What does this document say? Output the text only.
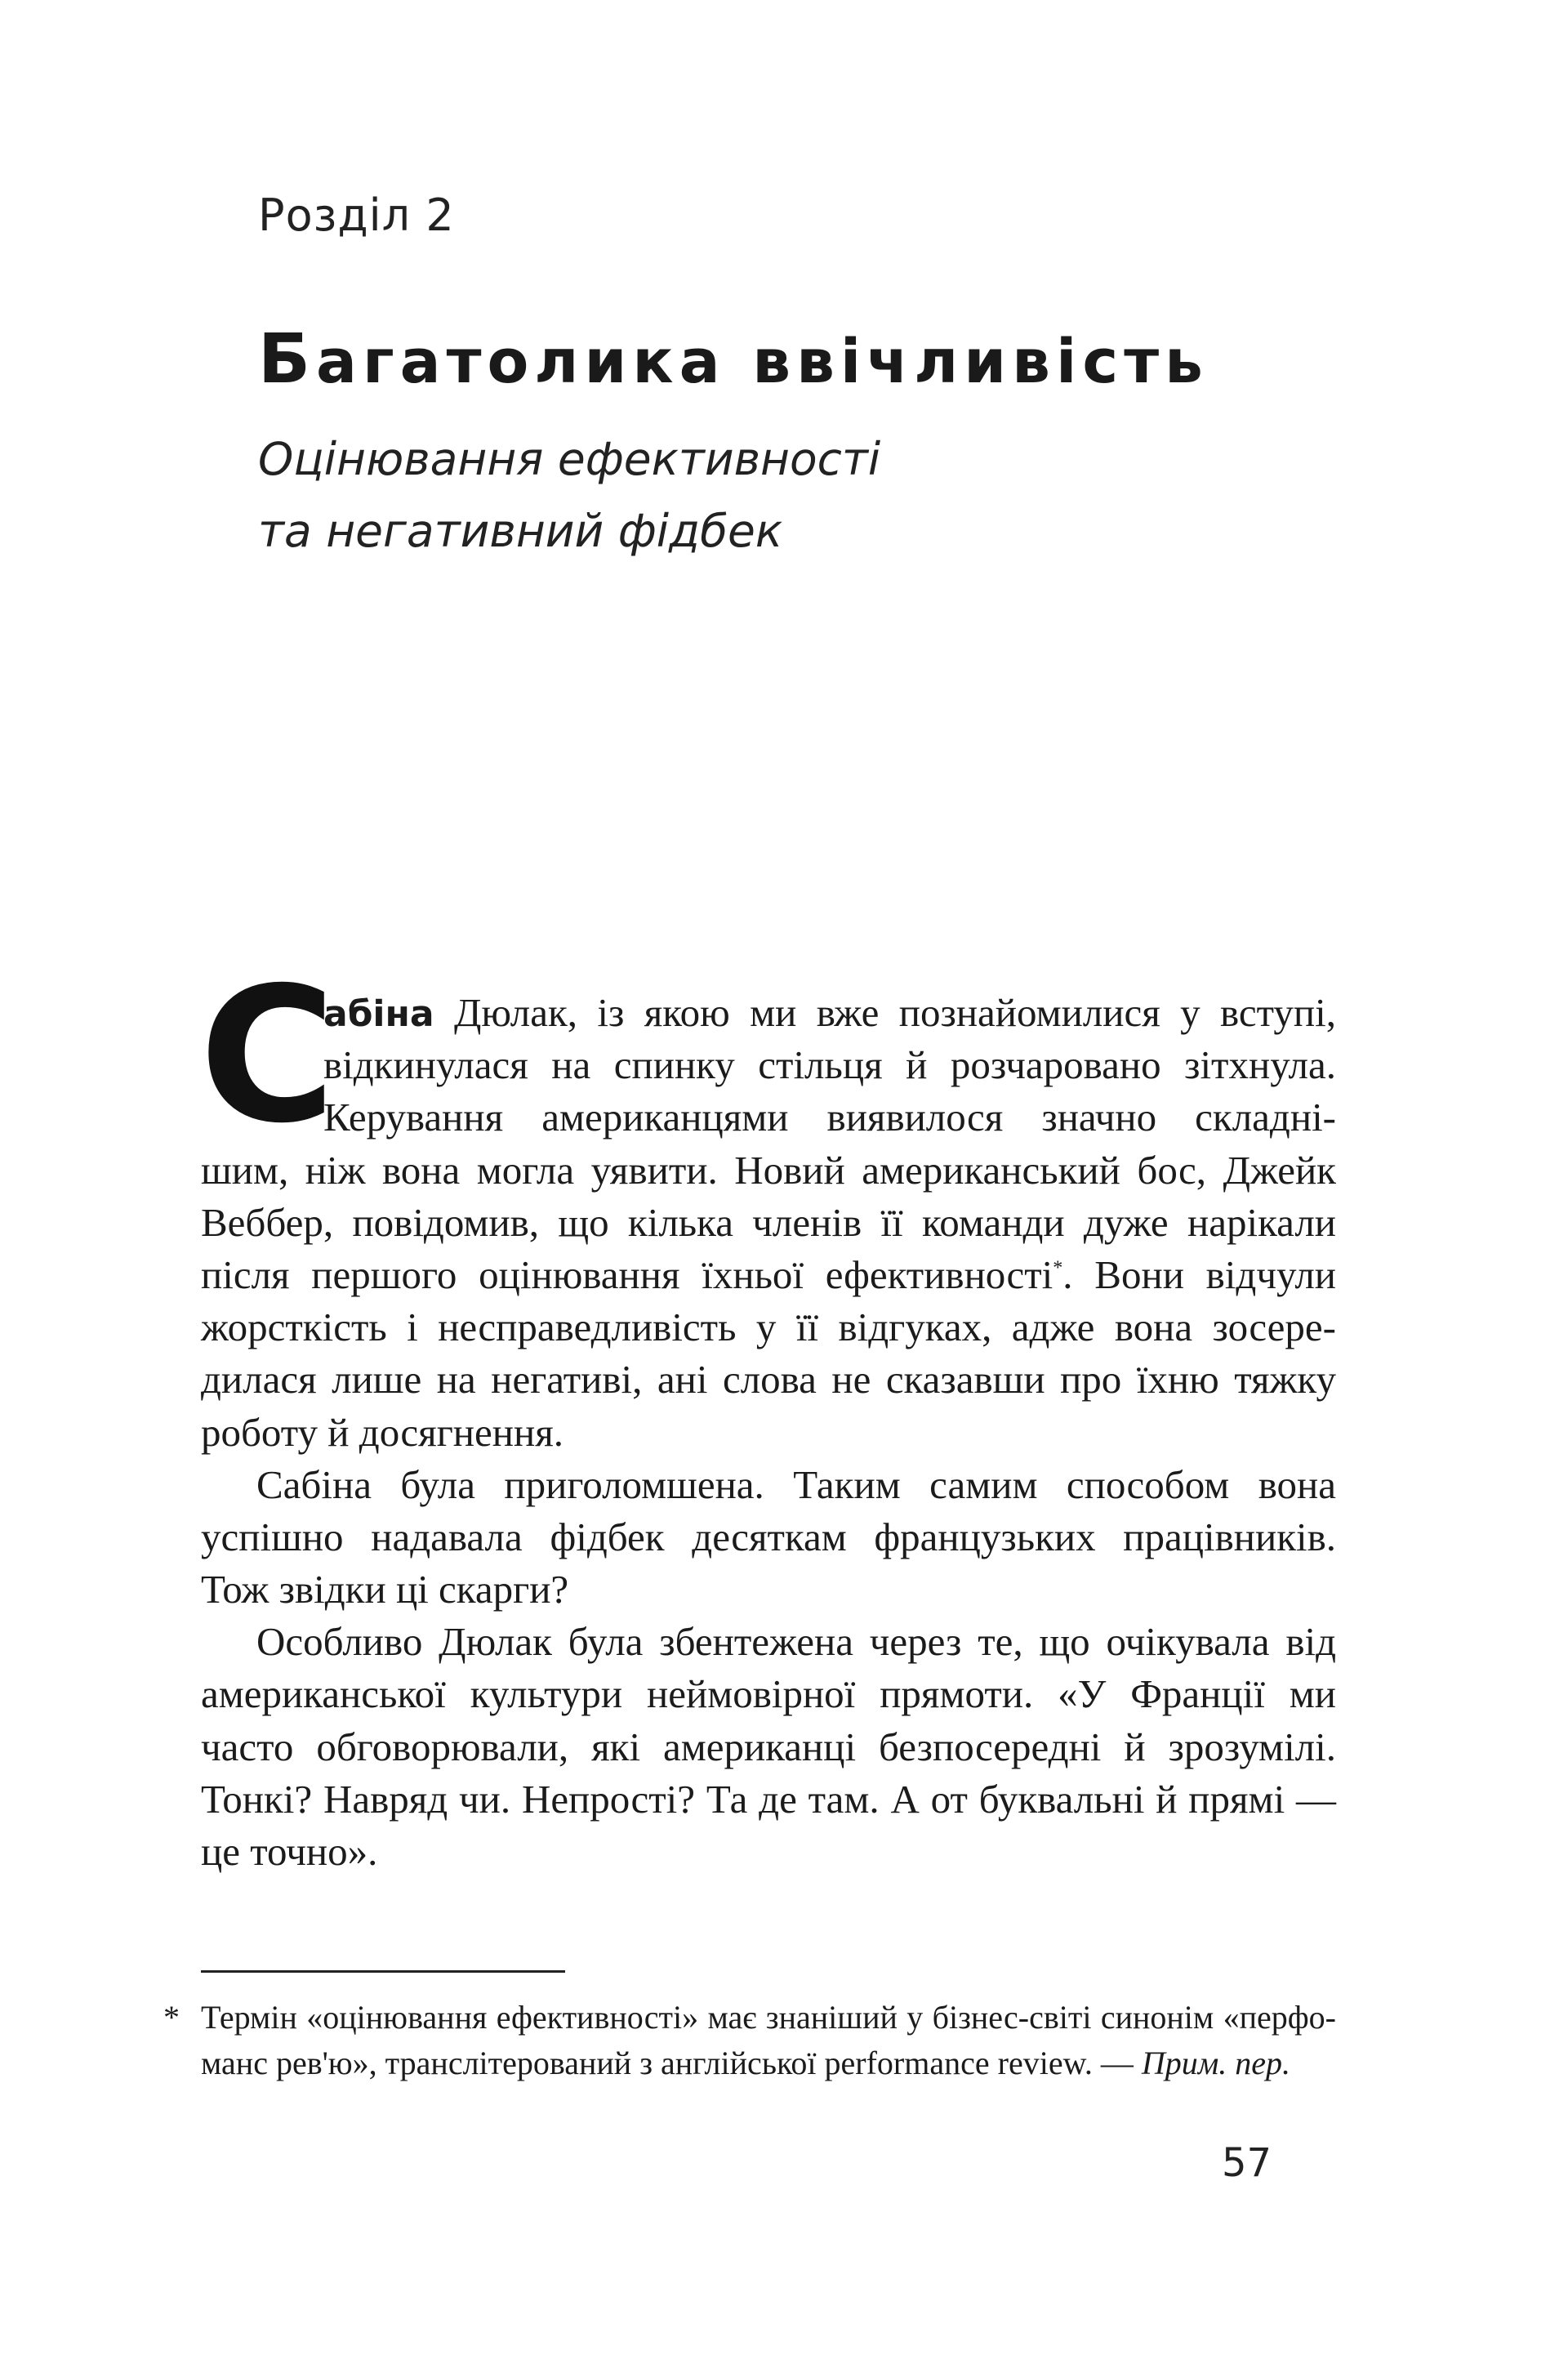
Розділ 2
Багатолика ввічливість
Оцінювання ефективності
та негативний фідбек
С
абіна Дюлак, із якою ми вже познайомилися у вступі,
відкинулася на спинку стільця й розчаровано зітхнула.
Керування американцями виявилося значно складні-
шим, ніж вона могла уявити. Новий американський бос, Джейк
Веббер, повідомив, що кілька членів її команди дуже нарікали
після першого оцінювання їхньої ефективності*. Вони відчули
жорсткість і несправедливість у її відгуках, адже вона зосере-
дилася лише на негативі, ані слова не сказавши про їхню тяжку
роботу й досягнення.
Сабіна була приголомшена. Таким самим способом вона
успішно надавала фідбек десяткам французьких працівників.
Тож звідки ці скарги?
Особливо Дюлак була збентежена через те, що очікувала від
американської культури неймовірної прямоти. «У Франції ми
часто обговорювали, які американці безпосередні й зрозумілі.
Тонкі? Навряд чи. Непрості? Та де там. А от буквальні й прямі —
це точно».
* Термін «оцінювання ефективності» має знаніший у бізнес-світі синонім «перфо-
манс рев'ю», транслітерований з англійської performance review. — Прим. пер.
57
